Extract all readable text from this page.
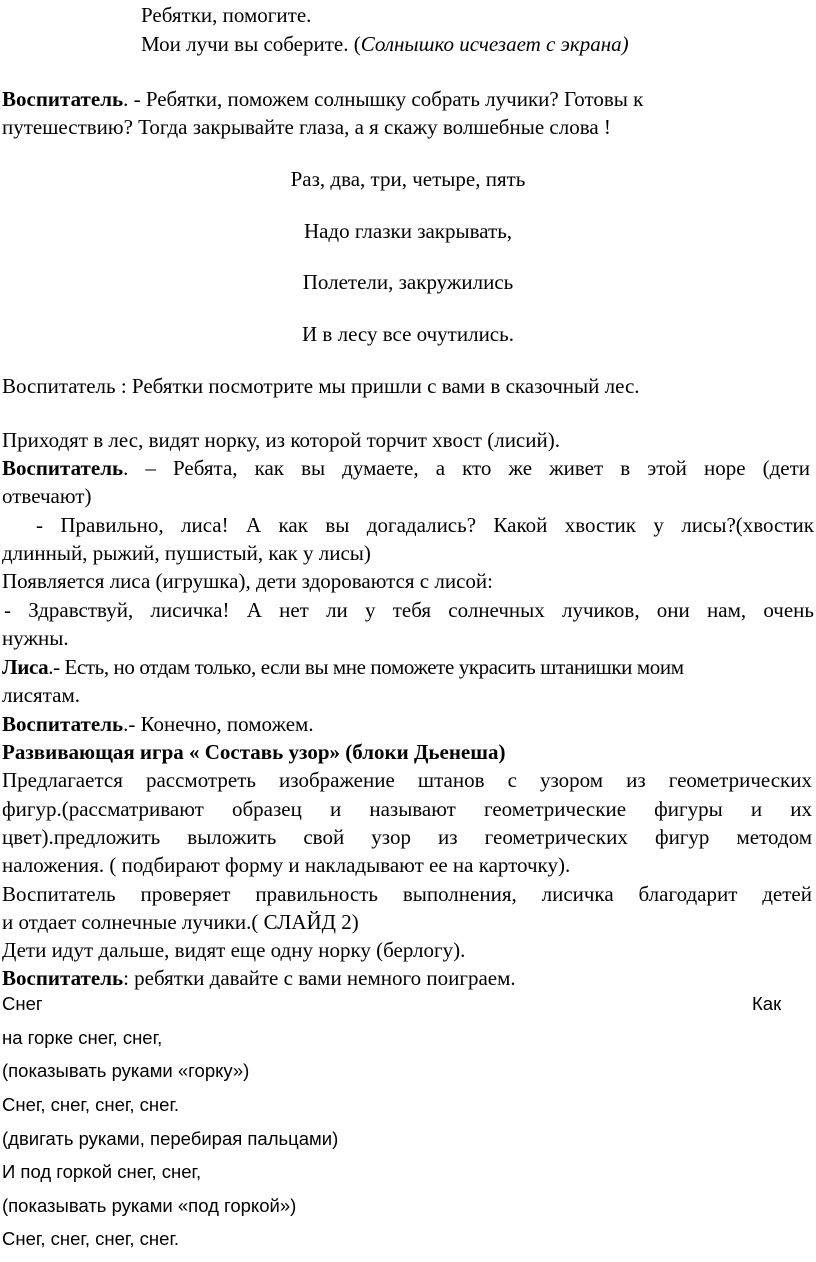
Ребятки, помогите.
Мои лучи вы соберите. (Солнышко исчезает с экрана)
Воспитатель. - Ребятки, поможем солнышку собрать лучики? Готовы к
путешествию? Тогда закрывайте глаза, а я скажу волшебные слова !
Раз, два, три, четыре, пять
Надо глазки закрывать,
Полетели, закружились
И в лесу все очутились.
Воспитатель : Ребятки посмотрите мы пришли с вами в сказочный лес.
Приходят в лес, видят норку, из которой торчит хвост (лисий).
Воспитатель. – Ребята, как вы думаете, а кто же живет в этой норе (дети
отвечают)
- Правильно, лиса! А как вы догадались? Какой хвостик у лисы?(хвостик
длинный, рыжий, пушистый, как у лисы)
Появляется лиса (игрушка), дети здороваются с лисой:
- Здравствуй, лисичка! А нет ли у тебя солнечных лучиков, они нам, очень
нужны.
Лиса.- Есть, но отдам только, если вы мне поможете украсить штанишки моим
лисятам.
Воспитатель.- Конечно, поможем.
Развивающая игра « Составь узор» (блоки Дьенеша)
Предлагается рассмотреть изображение штанов с узором из геометрических
фигур.(рассматривают образец и называют геометрические фигуры и их
цвет).предложить выложить свой узор из геометрических фигур методом
наложения. ( подбирают форму и накладывают ее на карточку).
Воспитатель проверяет правильность выполнения, лисичка благодарит детей
и отдает солнечные лучики.( СЛАЙД 2)
Дети идут дальше, видят еще одну норку (берлогу).
Воспитатель: ребятки давайте с вами немного поиграем.
Снег	Как
на горке снег, снег,
(показывать руками «горку»)
Снег, снег, снег, снег.
(двигать руками, перебирая пальцами)
И под горкой снег, снег,
(показывать руками «под горкой»)
Снег, снег, снег, снег.
